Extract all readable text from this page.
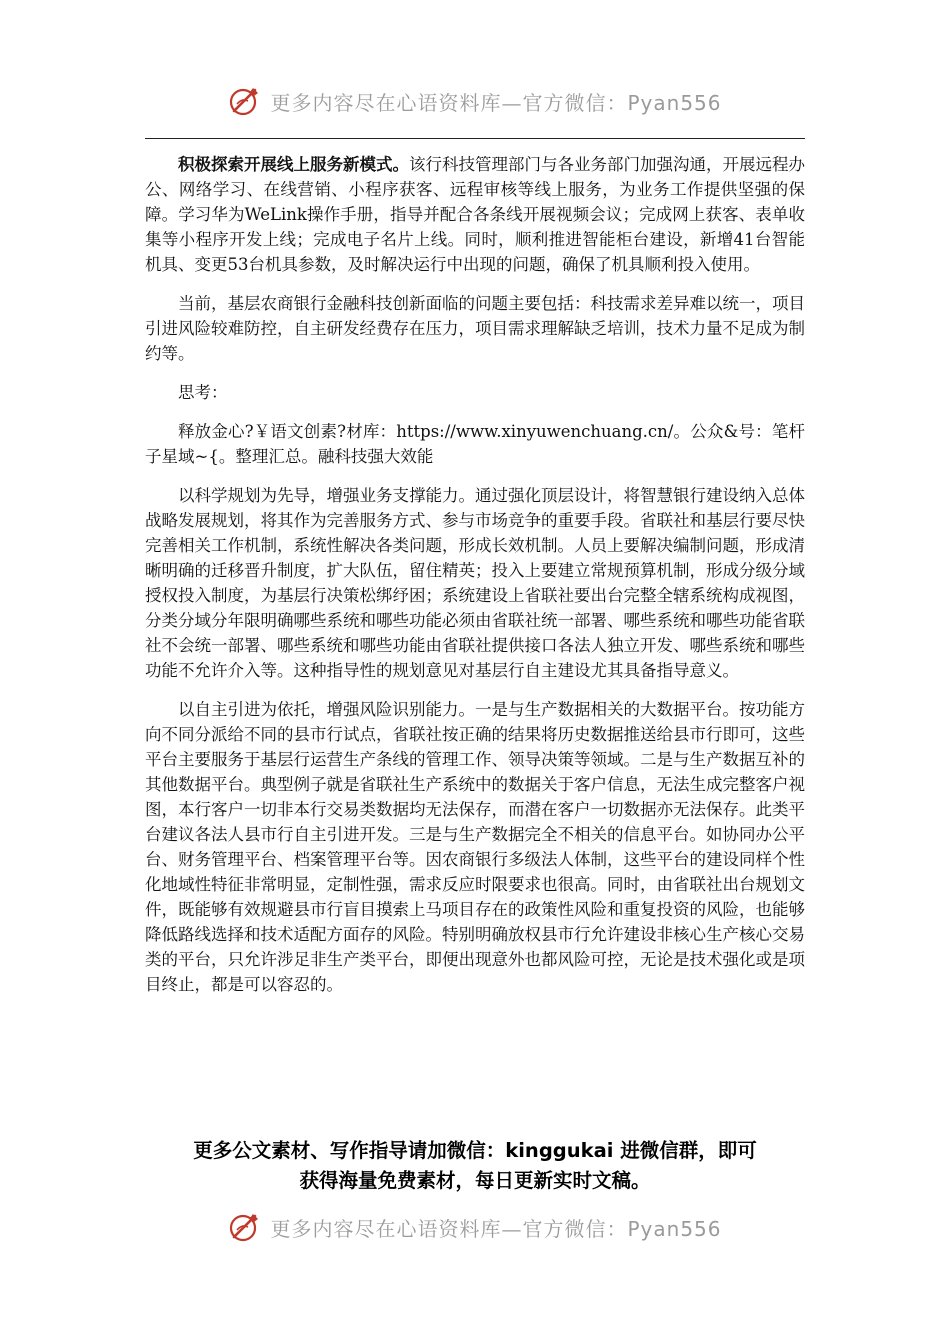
更多内容尽在心语资料库—官方微信：Pyan556

积极探索开展线上服务新模式。该行科技管理部门与各业务部门加强沟通，开展远程办公、网络学习、在线营销、小程序获客、远程审核等线上服务，为业务工作提供坚强的保障。学习华为WeLink操作手册，指导并配合各条线开展视频会议；完成网上获客、表单收集等小程序开发上线；完成电子名片上线。同时，顺利推进智能柜台建设，新增41台智能机具、变更53台机具参数，及时解决运行中出现的问题，确保了机具顺利投入使用。

当前，基层农商银行金融科技创新面临的问题主要包括：科技需求差异难以统一，项目引进风险较难防控，自主研发经费存在压力，项目需求理解缺乏培训，技术力量不足成为制约等。

思考：

释放金心?￥语文创素?材库：https://www.xinyuwenchuang.cn/。公众&号：笔杆子星域~{。整理汇总。融科技强大效能

以科学规划为先导，增强业务支撑能力。通过强化顶层设计，将智慧银行建设纳入总体战略发展规划，将其作为完善服务方式、参与市场竞争的重要手段。省联社和基层行要尽快完善相关工作机制，系统性解决各类问题，形成长效机制。人员上要解决编制问题，形成清晰明确的迁移晋升制度，扩大队伍，留住精英；投入上要建立常规预算机制，形成分级分域授权投入制度，为基层行决策松绑纾困；系统建设上省联社要出台完整全辖系统构成视图，分类分域分年限明确哪些系统和哪些功能必须由省联社统一部署、哪些系统和哪些功能省联社不会统一部署、哪些系统和哪些功能由省联社提供接口各法人独立开发、哪些系统和哪些功能不允许介入等。这种指导性的规划意见对基层行自主建设尤其具备指导意义。

以自主引进为依托，增强风险识别能力。一是与生产数据相关的大数据平台。按功能方向不同分派给不同的县市行试点，省联社按正确的结果将历史数据推送给县市行即可，这些平台主要服务于基层行运营生产条线的管理工作、领导决策等领域。二是与生产数据互补的其他数据平台。典型例子就是省联社生产系统中的数据关于客户信息，无法生成完整客户视图，本行客户一切非本行交易类数据均无法保存，而潜在客户一切数据亦无法保存。此类平台建议各法人县市行自主引进开发。三是与生产数据完全不相关的信息平台。如协同办公平台、财务管理平台、档案管理平台等。因农商银行多级法人体制，这些平台的建设同样个性化地域性特征非常明显，定制性强，需求反应时限要求也很高。同时，由省联社出台规划文件，既能够有效规避县市行盲目摸索上马项目存在的政策性风险和重复投资的风险，也能够降低路线选择和技术适配方面存的风险。特别明确放权县市行允许建设非核心生产核心交易类的平台，只允许涉足非生产类平台，即便出现意外也都风险可控，无论是技术强化或是项目终止，都是可以容忍的。

更多公文素材、写作指导请加微信：kinggukai 进微信群，即可
获得海量免费素材，每日更新实时文稿。
更多内容尽在心语资料库—官方微信：Pyan556
